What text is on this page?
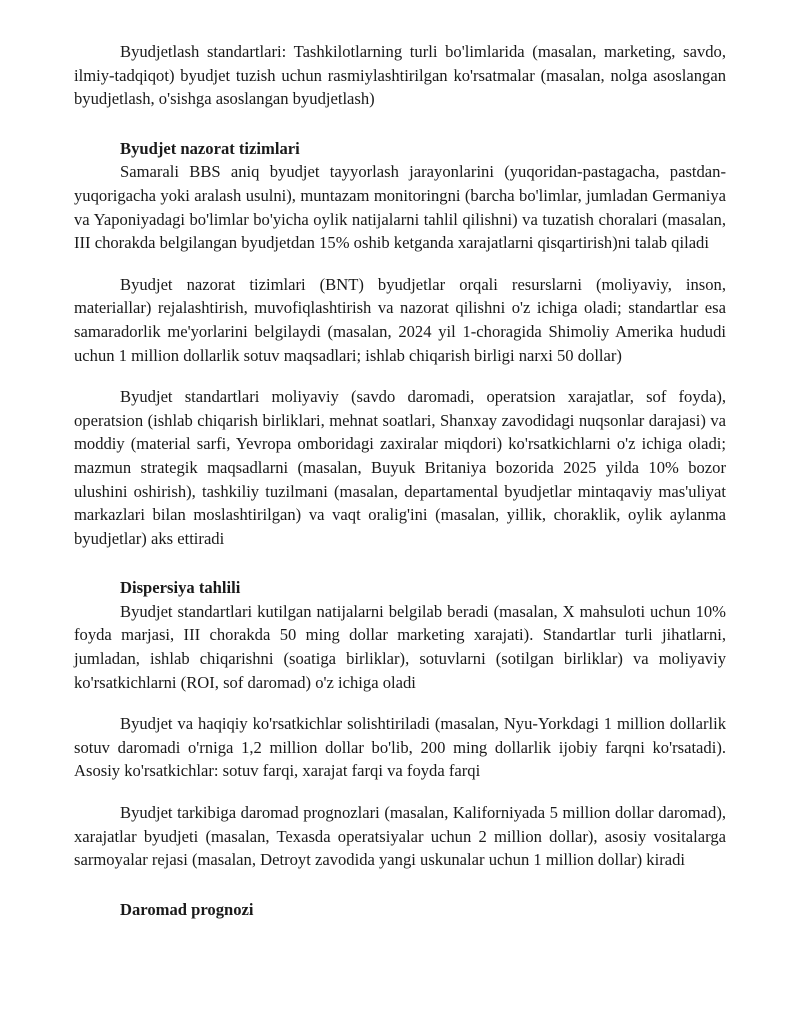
Byudjetlash standartlari: Tashkilotlarning turli bo'limlarida (masalan, marketing, savdo, ilmiy-tadqiqot) byudjet tuzish uchun rasmiylashtirilgan ko'rsatmalar (masalan, nolga asoslangan byudjetlash, o'sishga asoslangan byudjetlash)

Byudjet nazorat tizimlari

Samarali BBS aniq byudjet tayyorlash jarayonlarini (yuqoridan-pastagacha, pastdan-yuqorigacha yoki aralash usulni), muntazam monitoringni (barcha bo'limlar, jumladan Germaniya va Yaponiyadagi bo'limlar bo'yicha oylik natijalarni tahlil qilishni) va tuzatish choralari (masalan, III chorakda belgilangan byudjetdan 15% oshib ketganda xarajatlarni qisqartirish)ni talab qiladi

Byudjet nazorat tizimlari (BNT) byudjetlar orqali resurslarni (moliyaviy, inson, materiallar) rejalashtirish, muvofiqlashtirish va nazorat qilishni o'z ichiga oladi; standartlar esa samaradorlik me'yorlarini belgilaydi (masalan, 2024 yil 1-choragida Shimoliy Amerika hududi uchun 1 million dollarlik sotuv maqsadlari; ishlab chiqarish birligi narxi 50 dollar)

Byudjet standartlari moliyaviy (savdo daromadi, operatsion xarajatlar, sof foyda), operatsion (ishlab chiqarish birliklari, mehnat soatlari, Shanxay zavodidagi nuqsonlar darajasi) va moddiy (material sarfi, Yevropa omboridagi zaxiralar miqdori) ko'rsatkichlarni o'z ichiga oladi; mazmun strategik maqsadlarni (masalan, Buyuk Britaniya bozorida 2025 yilda 10% bozor ulushini oshirish), tashkiliy tuzilmani (masalan, departamental byudjetlar mintaqaviy mas'uliyat markazlari bilan moslashtirilgan) va vaqt oralig'ini (masalan, yillik, choraklik, oylik aylanma byudjetlar) aks ettiradi

Dispersiya tahlili

Byudjet standartlari kutilgan natijalarni belgilab beradi (masalan, X mahsuloti uchun 10% foyda marjasi, III chorakda 50 ming dollar marketing xarajati). Standartlar turli jihatlarni, jumladan, ishlab chiqarishni (soatiga birliklar), sotuvlarni (sotilgan birliklar) va moliyaviy ko'rsatkichlarni (ROI, sof daromad) o'z ichiga oladi

Byudjet va haqiqiy ko'rsatkichlar solishtiriladi (masalan, Nyu-Yorkdagi 1 million dollarlik sotuv daromadi o'rniga 1,2 million dollar bo'lib, 200 ming dollarlik ijobiy farqni ko'rsatadi). Asosiy ko'rsatkichlar: sotuv farqi, xarajat farqi va foyda farqi

Byudjet tarkibiga daromad prognozlari (masalan, Kaliforniyada 5 million dollar daromad), xarajatlar byudjeti (masalan, Texasda operatsiyalar uchun 2 million dollar), asosiy vositalarga sarmoyalar rejasi (masalan, Detroyt zavodida yangi uskunalar uchun 1 million dollar) kiradi

Daromad prognozi
